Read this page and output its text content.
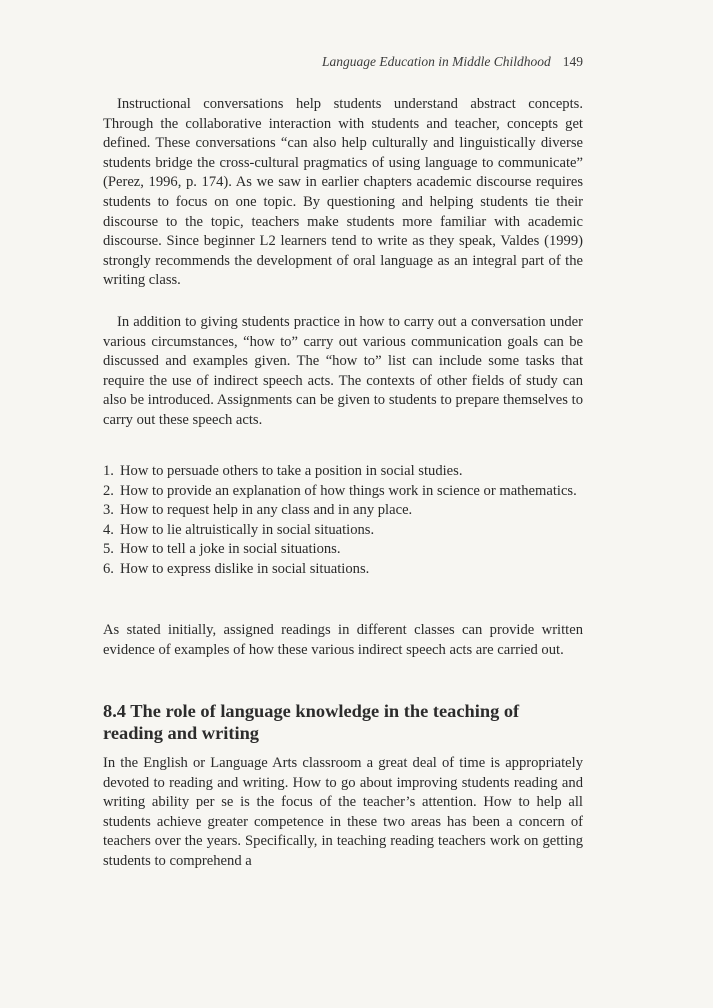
Language Education in Middle Childhood 149

Instructional conversations help students understand abstract concepts. Through the collaborative interaction with students and teacher, concepts get defined. These conversations “can also help culturally and linguistically diverse students bridge the cross-cultural pragmatics of using language to communicate” (Perez, 1996, p. 174). As we saw in earlier chapters academic discourse requires students to focus on one topic. By questioning and helping students tie their discourse to the topic, teachers make students more familiar with academic discourse. Since beginner L2 learners tend to write as they speak, Valdes (1999) strongly recommends the development of oral language as an integral part of the writing class.

In addition to giving students practice in how to carry out a conversation under various circumstances, “how to” carry out various communication goals can be discussed and examples given. The “how to” list can include some tasks that require the use of indirect speech acts. The contexts of other fields of study can also be introduced. Assignments can be given to students to prepare themselves to carry out these speech acts.

1. How to persuade others to take a position in social studies.
2. How to provide an explanation of how things work in science or mathematics.
3. How to request help in any class and in any place.
4. How to lie altruistically in social situations.
5. How to tell a joke in social situations.
6. How to express dislike in social situations.

As stated initially, assigned readings in different classes can provide written evidence of examples of how these various indirect speech acts are carried out.

8.4 The role of language knowledge in the teaching of reading and writing

In the English or Language Arts classroom a great deal of time is appropriately devoted to reading and writing. How to go about improving students reading and writing ability per se is the focus of the teacher’s attention. How to help all students achieve greater competence in these two areas has been a concern of teachers over the years. Specifically, in teaching reading teachers work on getting students to comprehend a
